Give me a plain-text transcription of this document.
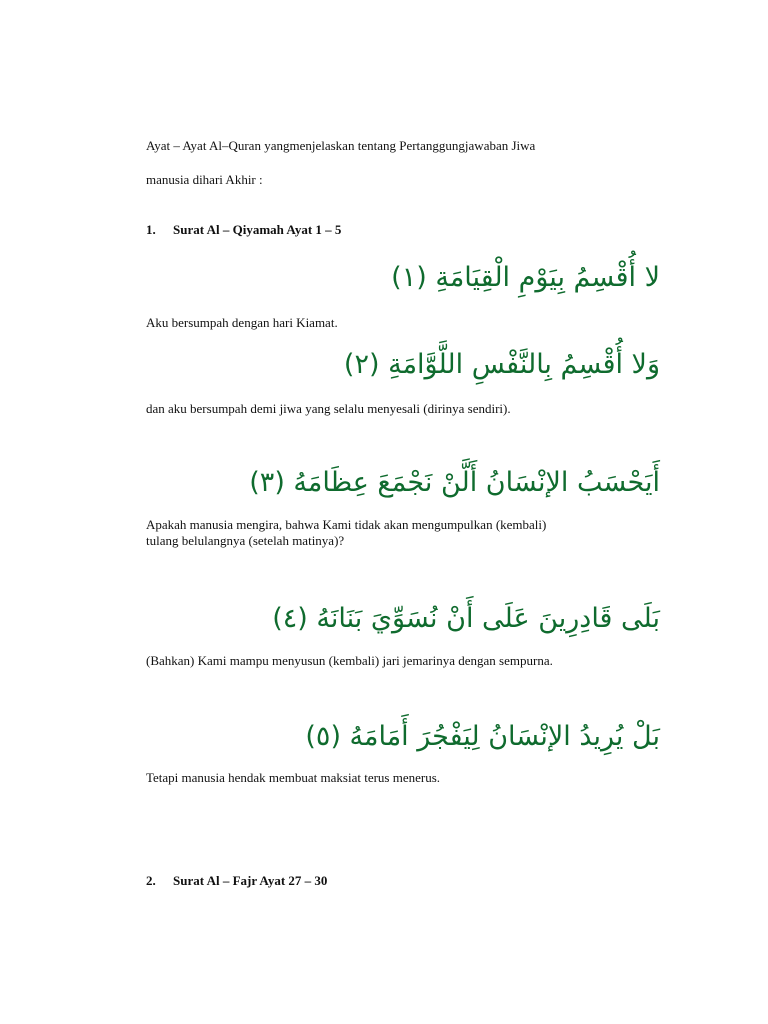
Ayat – Ayat Al–Quran yangmenjelaskan tentang Pertanggungjawaban Jiwa
manusia dihari Akhir :
1. Surat Al – Qiyamah Ayat 1 – 5
لا أُقْسِمُ بِيَوْمِ الْقِيَامَةِ (١)
Aku bersumpah dengan hari Kiamat.
وَلا أُقْسِمُ بِالنَّفْسِ اللَّوَّامَةِ (٢)
dan aku bersumpah demi jiwa yang selalu menyesali (dirinya sendiri).
أَيَحْسَبُ الإنْسَانُ أَلَّنْ نَجْمَعَ عِظَامَهُ (٣)
Apakah manusia mengira, bahwa Kami tidak akan mengumpulkan (kembali)
tulang belulangnya (setelah matinya)?
بَلَى قَادِرِينَ عَلَى أَنْ نُسَوِّيَ بَنَانَهُ (٤)
(Bahkan) Kami mampu menyusun (kembali) jari jemarinya dengan sempurna.
بَلْ يُرِيدُ الإنْسَانُ لِيَفْجُرَ أَمَامَهُ (٥)
Tetapi manusia hendak membuat maksiat terus menerus.
2. Surat Al – Fajr Ayat 27 – 30
